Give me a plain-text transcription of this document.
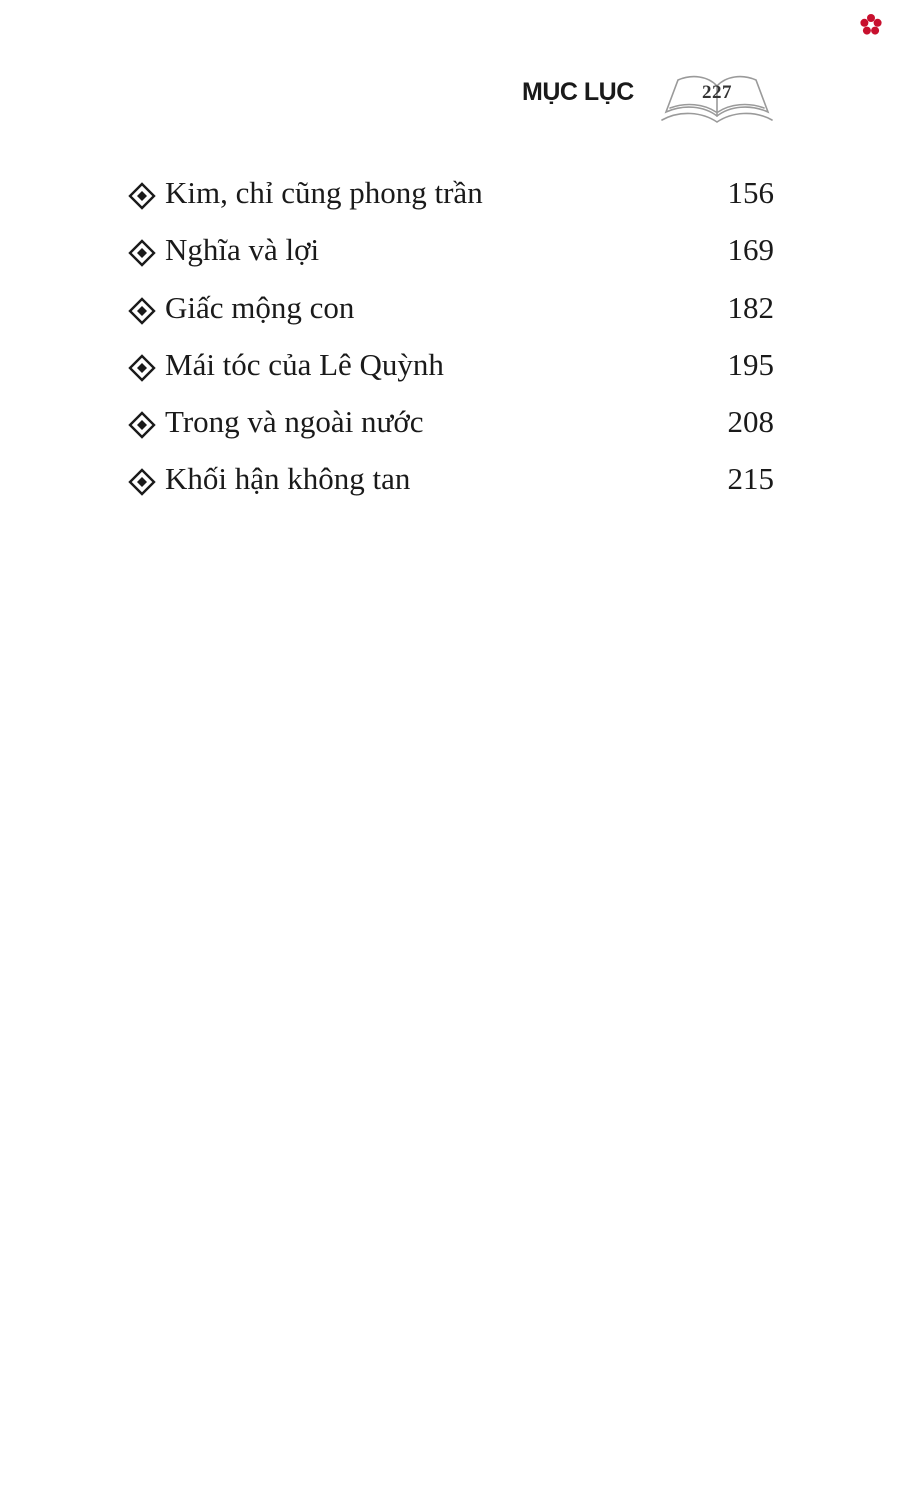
MỤC LỤC	227
Kim, chỉ cũng phong trần	156
Nghĩa và lợi	169
Giấc mộng con	182
Mái tóc của Lê Quỳnh	195
Trong và ngoài nước	208
Khối hận không tan	215
